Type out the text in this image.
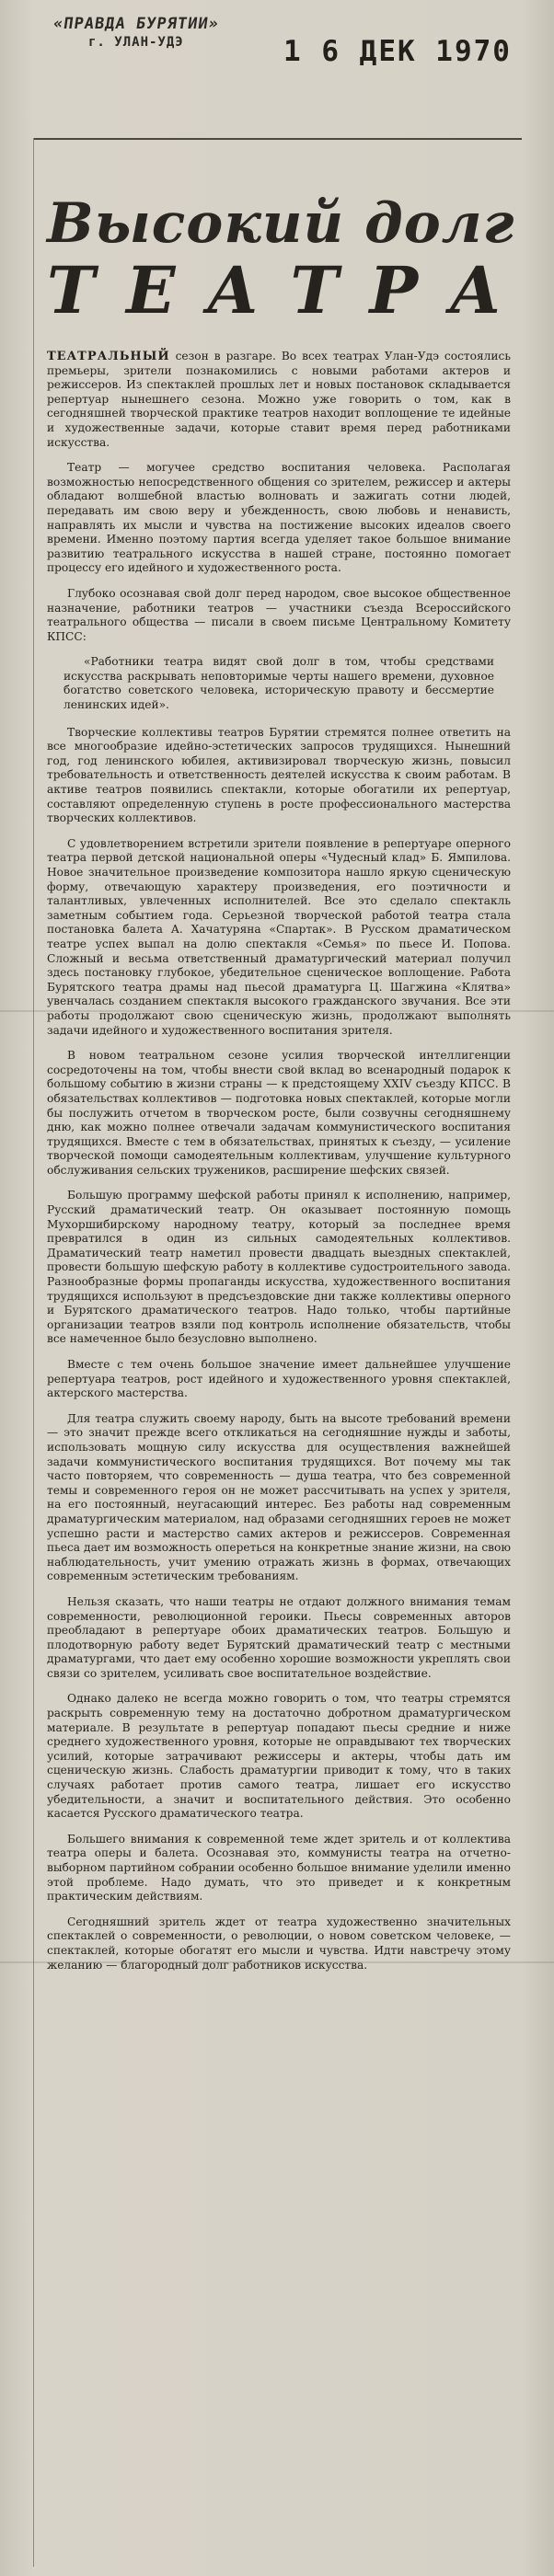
«ПРАВДА БУРЯТИИ»
г. УЛАН-УДЭ	1 6 ДЕК 1970
Высокий долг
ТЕАТРА

ТЕАТРАЛЬНЫЙ сезон в разгаре. Во всех театрах Улан-Удэ состоялись премьеры, зрители познакомились с новыми работами актеров и режиссеров. Из спектаклей прошлых лет и новых постановок складывается репертуар нынешнего сезона. Можно уже говорить о том, как в сегодняшней творческой практике театров находит воплощение те идейные и художественные задачи, которые ставит время перед работниками искусства.

Театр — могучее средство воспитания человека. Располагая возможностью непосредственного общения со зрителем, режиссер и актеры обладают волшебной властью волновать и зажигать сотни людей, передавать им свою веру и убежденность, свою любовь и ненависть, направлять их мысли и чувства на постижение высоких идеалов своего времени. Именно поэтому партия всегда уделяет такое большое внимание развитию театрального искусства в нашей стране, постоянно помогает процессу его идейного и художественного роста.

Глубоко осознавая свой долг перед народом, свое высокое общественное назначение, работники театров — участники съезда Всероссийского театрального общества — писали в своем письме Центральному Комитету КПСС:

«Работники театра видят свой долг в том, чтобы средствами искусства раскрывать неповторимые черты нашего времени, духовное богатство советского человека, историческую правоту и бессмертие ленинских идей».

Творческие коллективы театров Бурятии стремятся полнее ответить на все многообразие идейно-эстетических запросов трудящихся. Нынешний год, год ленинского юбилея, активизировал творческую жизнь, повысил требовательность и ответственность деятелей искусства к своим работам. В активе театров появились спектакли, которые обогатили их репертуар, составляют определенную ступень в росте профессионального мастерства творческих коллективов.

С удовлетворением встретили зрители появление в репертуаре оперного театра первой детской национальной оперы «Чудесный клад» Б. Ямпилова. Новое значительное произведение композитора нашло яркую сценическую форму, отвечающую характеру произведения, его поэтичности и талантливых, увлеченных исполнителей. Все это сделало спектакль заметным событием года. Серьезной творческой работой театра стала постановка балета А. Хачатуряна «Спартак». В Русском драматическом театре успех выпал на долю спектакля «Семья» по пьесе И. Попова. Сложный и весьма ответственный драматургический материал получил здесь постановку глубокое, убедительное сценическое воплощение. Работа Бурятского театра драмы над пьесой драматурга Ц. Шагжина «Клятва» увенчалась созданием спектакля высокого гражданского звучания. Все эти работы продолжают свою сценическую жизнь, продолжают выполнять задачи идейного и художественного воспитания зрителя.

В новом театральном сезоне усилия творческой интеллигенции сосредоточены на том, чтобы внести свой вклад во всенародный подарок к большому событию в жизни страны — к предстоящему XXIV съезду КПСС. В обязательствах коллективов — подготовка новых спектаклей, которые могли бы послужить отчетом в творческом росте, были созвучны сегодняшнему дню, как можно полнее отвечали задачам коммунистического воспитания трудящихся. Вместе с тем в обязательствах, принятых к съезду, — усиление творческой помощи самодеятельным коллективам, улучшение культурного обслуживания сельских тружеников, расширение шефских связей.

Большую программу шефской работы принял к исполнению, например, Русский драматический театр. Он оказывает постоянную помощь Мухоршибирскому народному театру, который за последнее время превратился в один из сильных самодеятельных коллективов. Драматический театр наметил провести двадцать выездных спектаклей, провести большую шефскую работу в коллективе судостроительного завода. Разнообразные формы пропаганды искусства, художественного воспитания трудящихся используют в предсъездовские дни также коллективы оперного и Бурятского драматического театров. Надо только, чтобы партийные организации театров взяли под контроль исполнение обязательств, чтобы все намеченное было безусловно выполнено.

Вместе с тем очень большое значение имеет дальнейшее улучшение репертуара театров, рост идейного и художественного уровня спектаклей, актерского мастерства.

Для театра служить своему народу, быть на высоте требований времени — это значит прежде всего откликаться на сегодняшние нужды и заботы, использовать мощную силу искусства для осуществления важнейшей задачи коммунистического воспитания трудящихся. Вот почему мы так часто повторяем, что современность — душа театра, что без современной темы и современного героя он не может рассчитывать на успех у зрителя, на его постоянный, неугасающий интерес. Без работы над современным драматургическим материалом, над образами сегодняшних героев не может успешно расти и мастерство самих актеров и режиссеров. Современная пьеса дает им возможность опереться на конкретные знание жизни, на свою наблюдательность, учит умению отражать жизнь в формах, отвечающих современным эстетическим требованиям.

Нельзя сказать, что наши театры не отдают должного внимания темам современности, революционной героики. Пьесы современных авторов преобладают в репертуаре обоих драматических театров. Большую и плодотворную работу ведет Бурятский драматический театр с местными драматургами, что дает ему особенно хорошие возможности укреплять свои связи со зрителем, усиливать свое воспитательное воздействие.

Однако далеко не всегда можно говорить о том, что театры стремятся раскрыть современную тему на достаточно добротном драматургическом материале. В результате в репертуар попадают пьесы средние и ниже среднего художественного уровня, которые не оправдывают тех творческих усилий, которые затрачивают режиссеры и актеры, чтобы дать им сценическую жизнь. Слабость драматургии приводит к тому, что в таких случаях работает против самого театра, лишает его искусство убедительности, а значит и воспитательного действия. Это особенно касается Русского драматического театра.

Большего внимания к современной теме ждет зритель и от коллектива театра оперы и балета. Осознавая это, коммунисты театра на отчетно-выборном партийном собрании особенно большое внимание уделили именно этой проблеме. Надо думать, что это приведет и к конкретным практическим действиям.

Сегодняшний зритель ждет от театра художественно значительных спектаклей о современности, о революции, о новом советском человеке, — спектаклей, которые обогатят его мысли и чувства. Идти навстречу этому желанию — благородный долг работников искусства.
